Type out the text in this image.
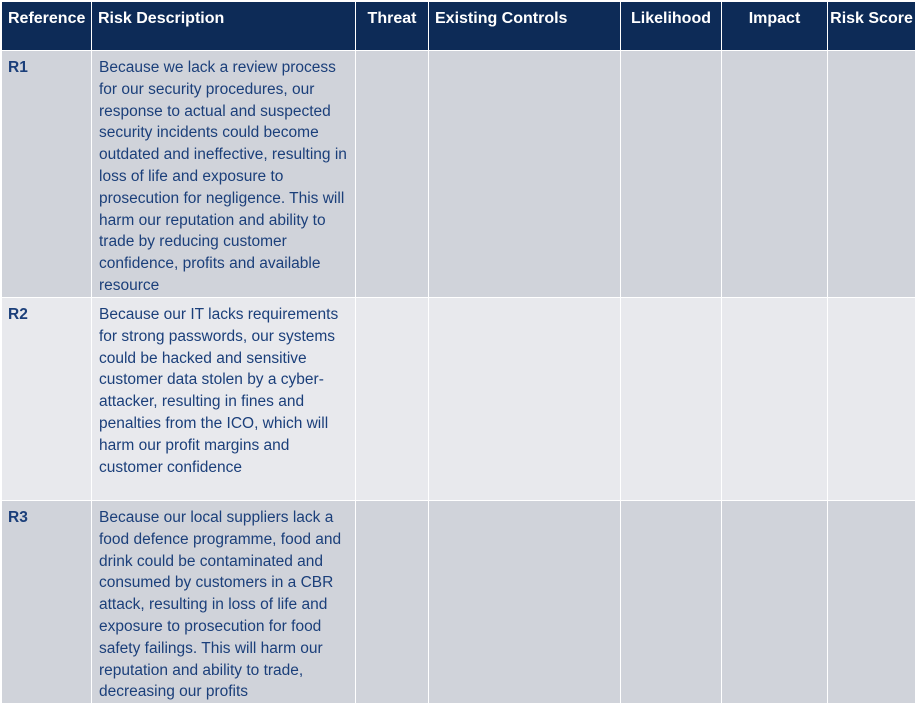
Reference	Risk Description	Threat	Existing Controls	Likelihood	Impact	Risk Score
R1	Because we lack a review process for our security procedures, our response to actual and suspected security incidents could become outdated and ineffective, resulting in loss of life and exposure to prosecution for negligence. This will harm our reputation and ability to trade by reducing customer confidence, profits and available resource					
R2	Because our IT lacks requirements for strong passwords, our systems could be hacked and sensitive customer data stolen by a cyber-attacker, resulting in fines and penalties from the ICO, which will harm our profit margins and customer confidence					
R3	Because our local suppliers lack a food defence programme, food and drink could be contaminated and consumed by customers in a CBR attack, resulting in loss of life and exposure to prosecution for food safety failings. This will harm our reputation and ability to trade, decreasing our profits					
